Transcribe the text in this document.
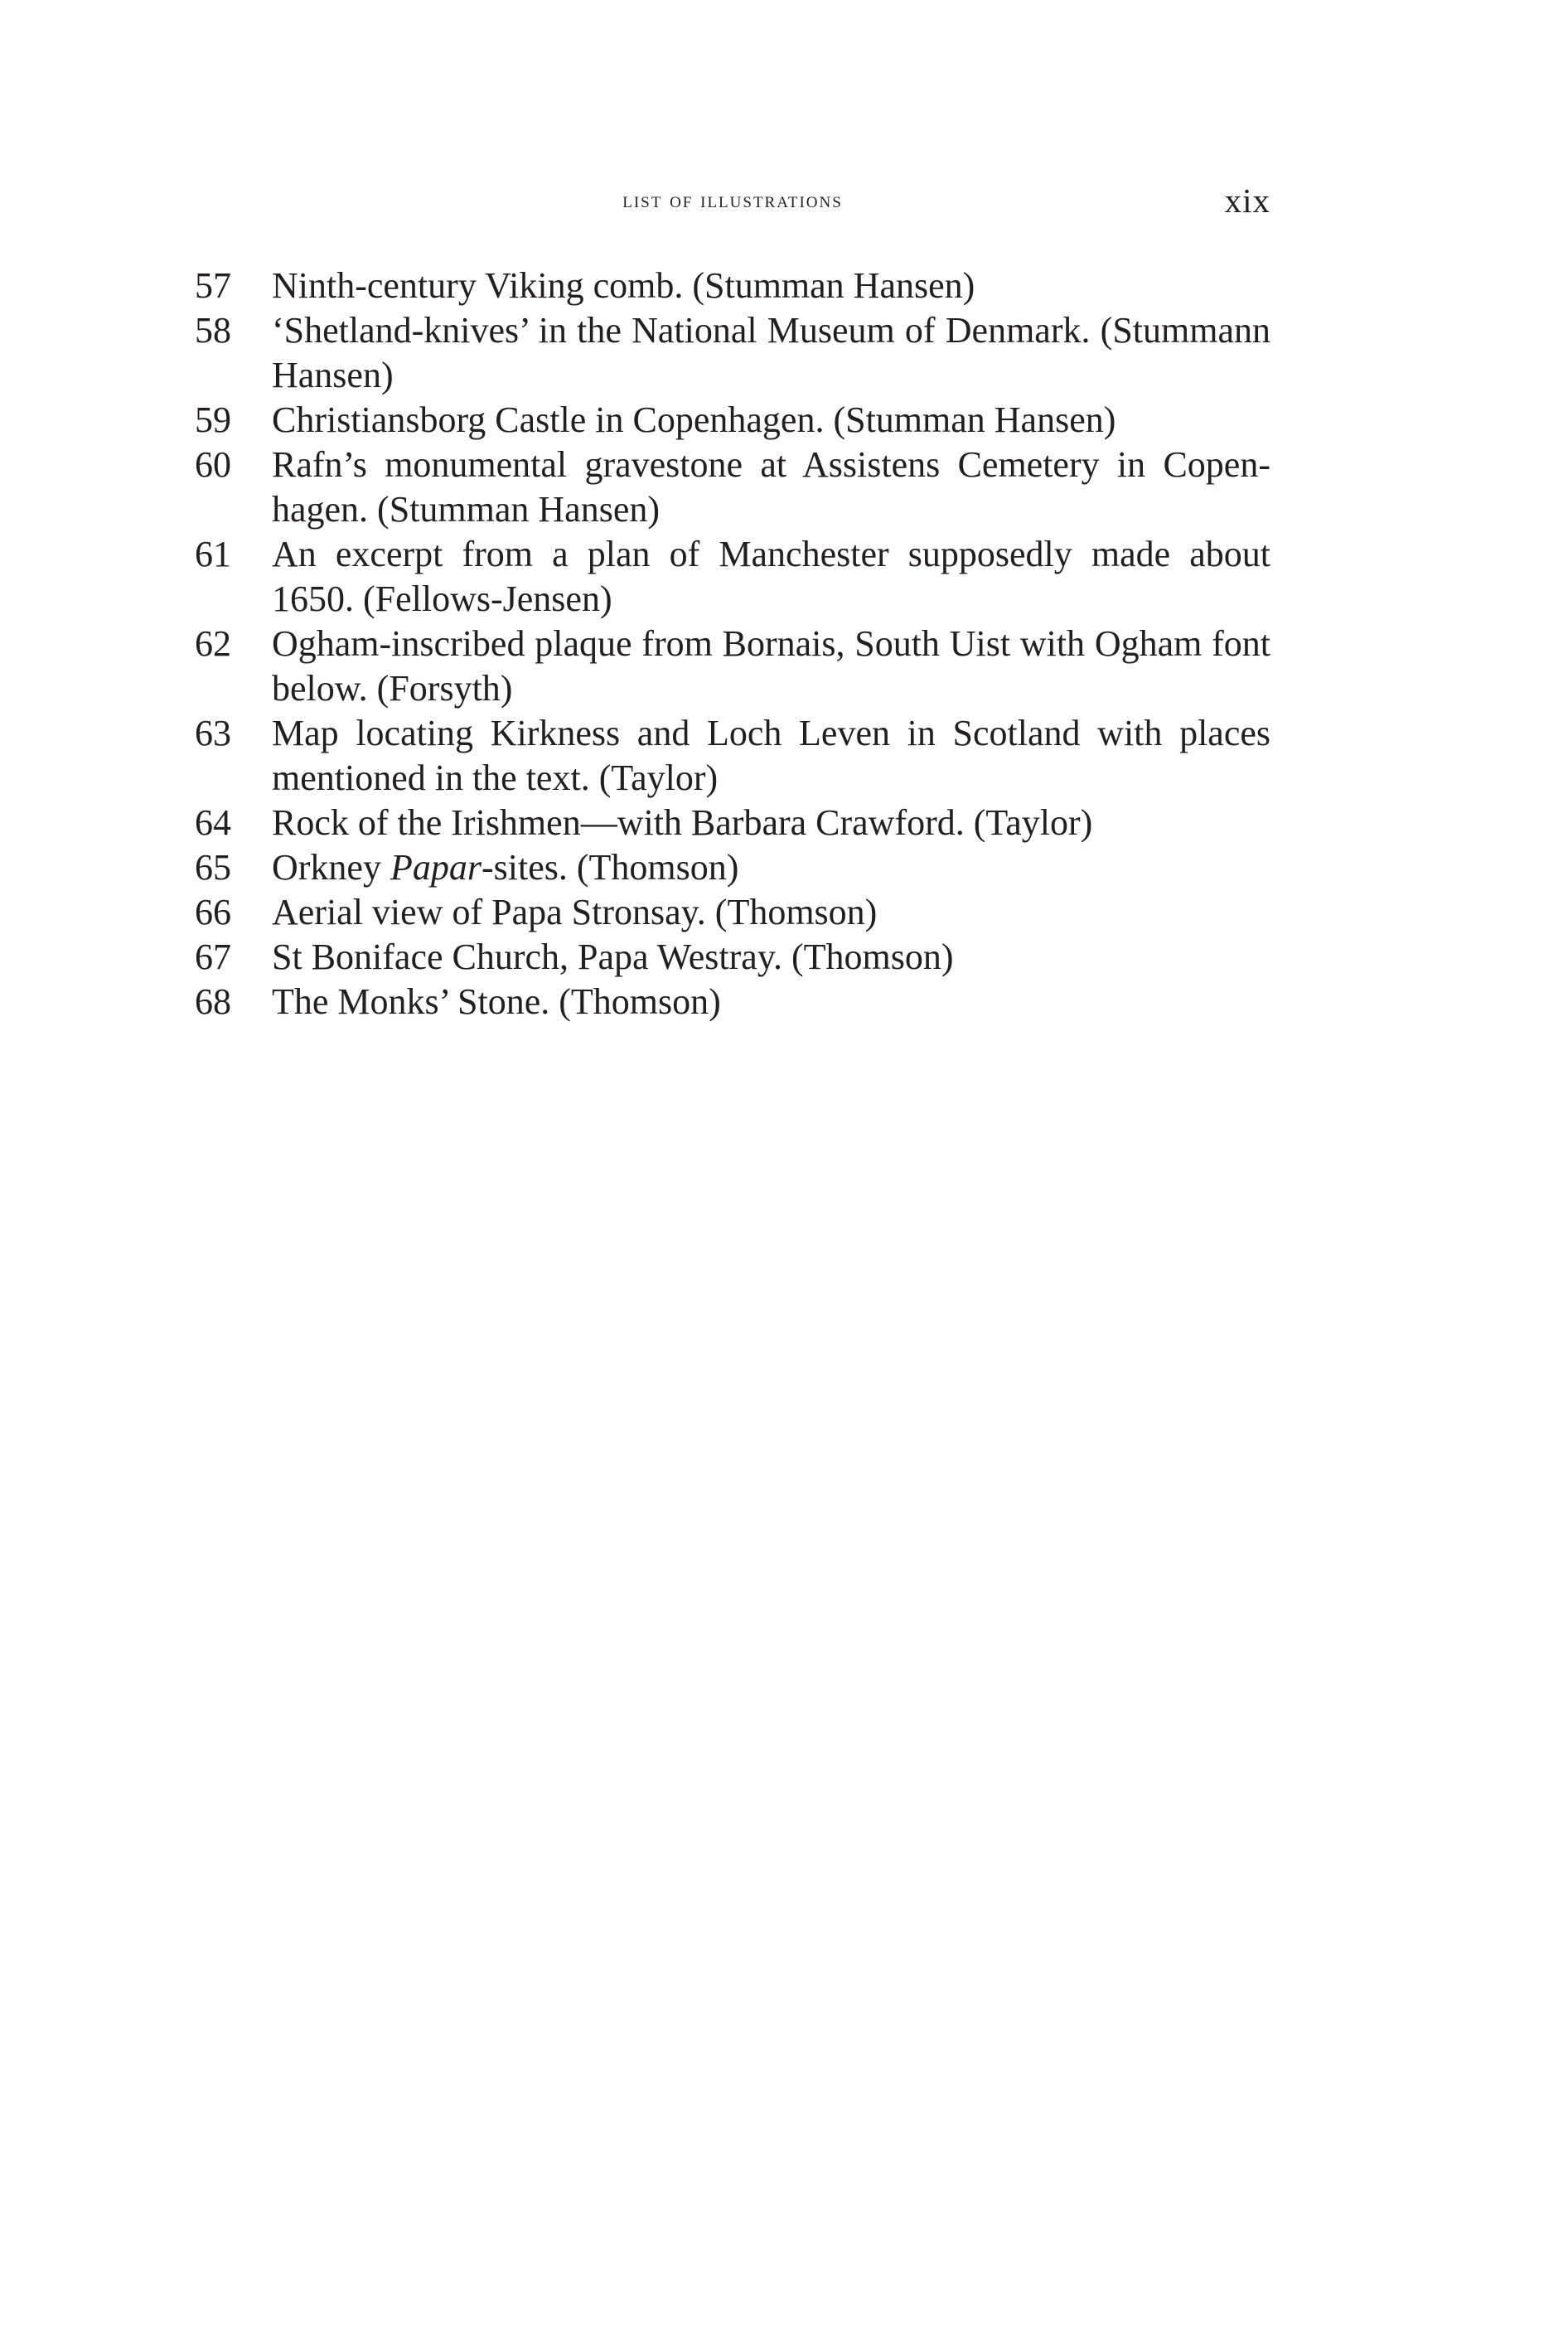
list of illustrations	xix
57	Ninth-century Viking comb. (Stumman Hansen)
58	‘Shetland-knives’ in the National Museum of Denmark. (Stummann Hansen)
59	Christiansborg Castle in Copenhagen. (Stumman Hansen)
60	Rafn’s monumental gravestone at Assistens Cemetery in Copenhagen. (Stumman Hansen)
61	An excerpt from a plan of Manchester supposedly made about 1650. (Fellows-Jensen)
62	Ogham-inscribed plaque from Bornais, South Uist with Ogham font below. (Forsyth)
63	Map locating Kirkness and Loch Leven in Scotland with places mentioned in the text. (Taylor)
64	Rock of the Irishmen—with Barbara Crawford. (Taylor)
65	Orkney Papar-sites. (Thomson)
66	Aerial view of Papa Stronsay. (Thomson)
67	St Boniface Church, Papa Westray. (Thomson)
68	The Monks’ Stone. (Thomson)
